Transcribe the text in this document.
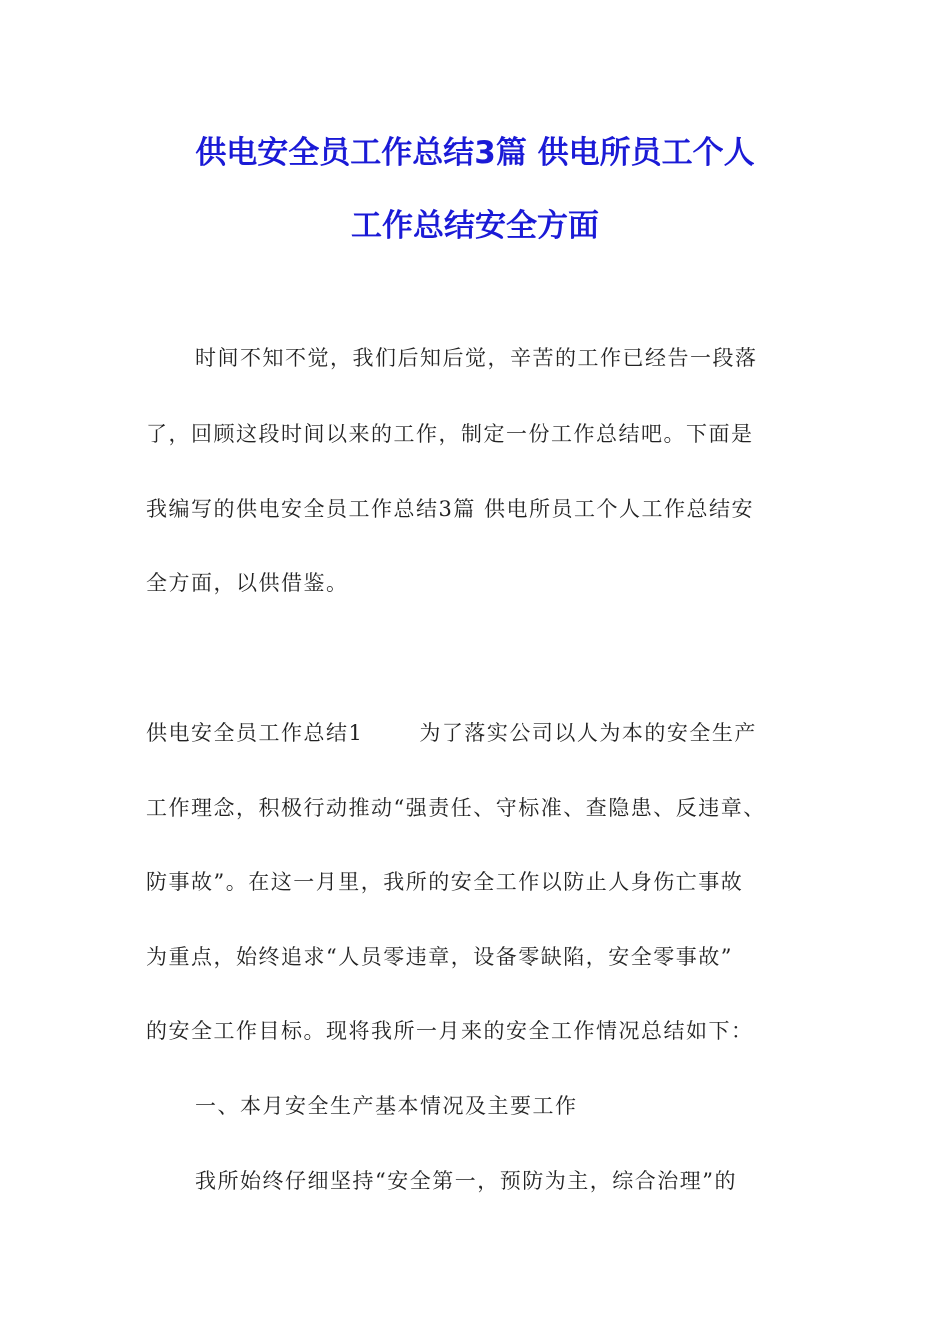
供电安全员工作总结3篇 供电所员工个人
工作总结安全方面
时间不知不觉，我们后知后觉，辛苦的工作已经告一段落
了，回顾这段时间以来的工作，制定一份工作总结吧。下面是
我编写的供电安全员工作总结3篇 供电所员工个人工作总结安
全方面，以供借鉴。
供电安全员工作总结1	为了落实公司以人为本的安全生产
工作理念，积极行动推动“强责任、守标准、查隐患、反违章、
防事故”。在这一月里，我所的安全工作以防止人身伤亡事故
为重点，始终追求“人员零违章，设备零缺陷，安全零事故”
的安全工作目标。现将我所一月来的安全工作情况总结如下：
一、本月安全生产基本情况及主要工作
我所始终仔细坚持“安全第一，预防为主，综合治理”的
